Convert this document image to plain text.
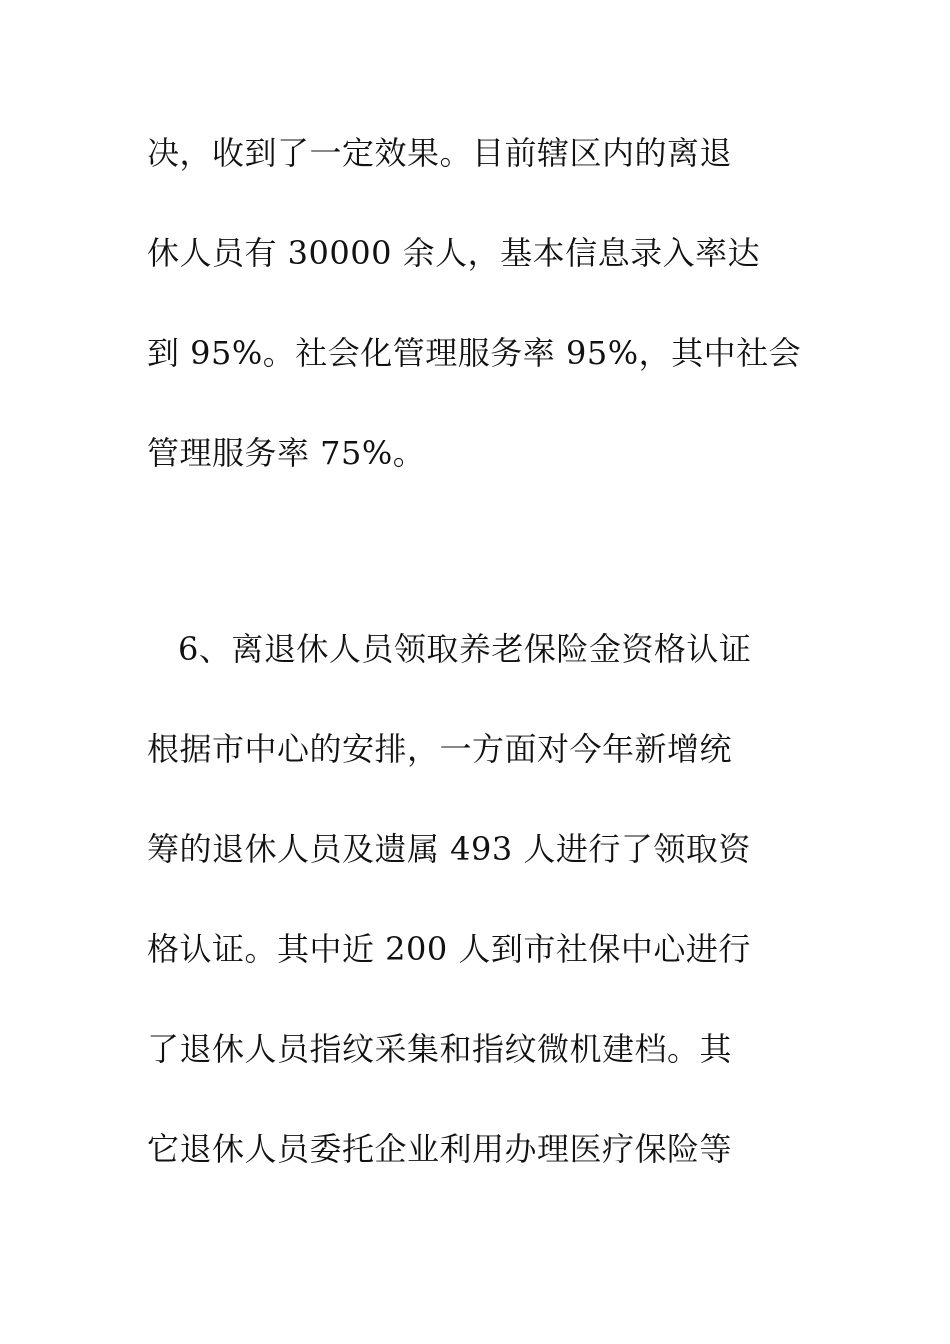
决，收到了一定效果。目前辖区内的离退
休人员有 30000 余人，基本信息录入率达
到 95%。社会化管理服务率 95%，其中社会
管理服务率 75%。
6、离退休人员领取养老保险金资格认证
根据市中心的安排，一方面对今年新增统
筹的退休人员及遗属 493 人进行了领取资
格认证。其中近 200 人到市社保中心进行
了退休人员指纹采集和指纹微机建档。其
它退休人员委托企业利用办理医疗保险等
